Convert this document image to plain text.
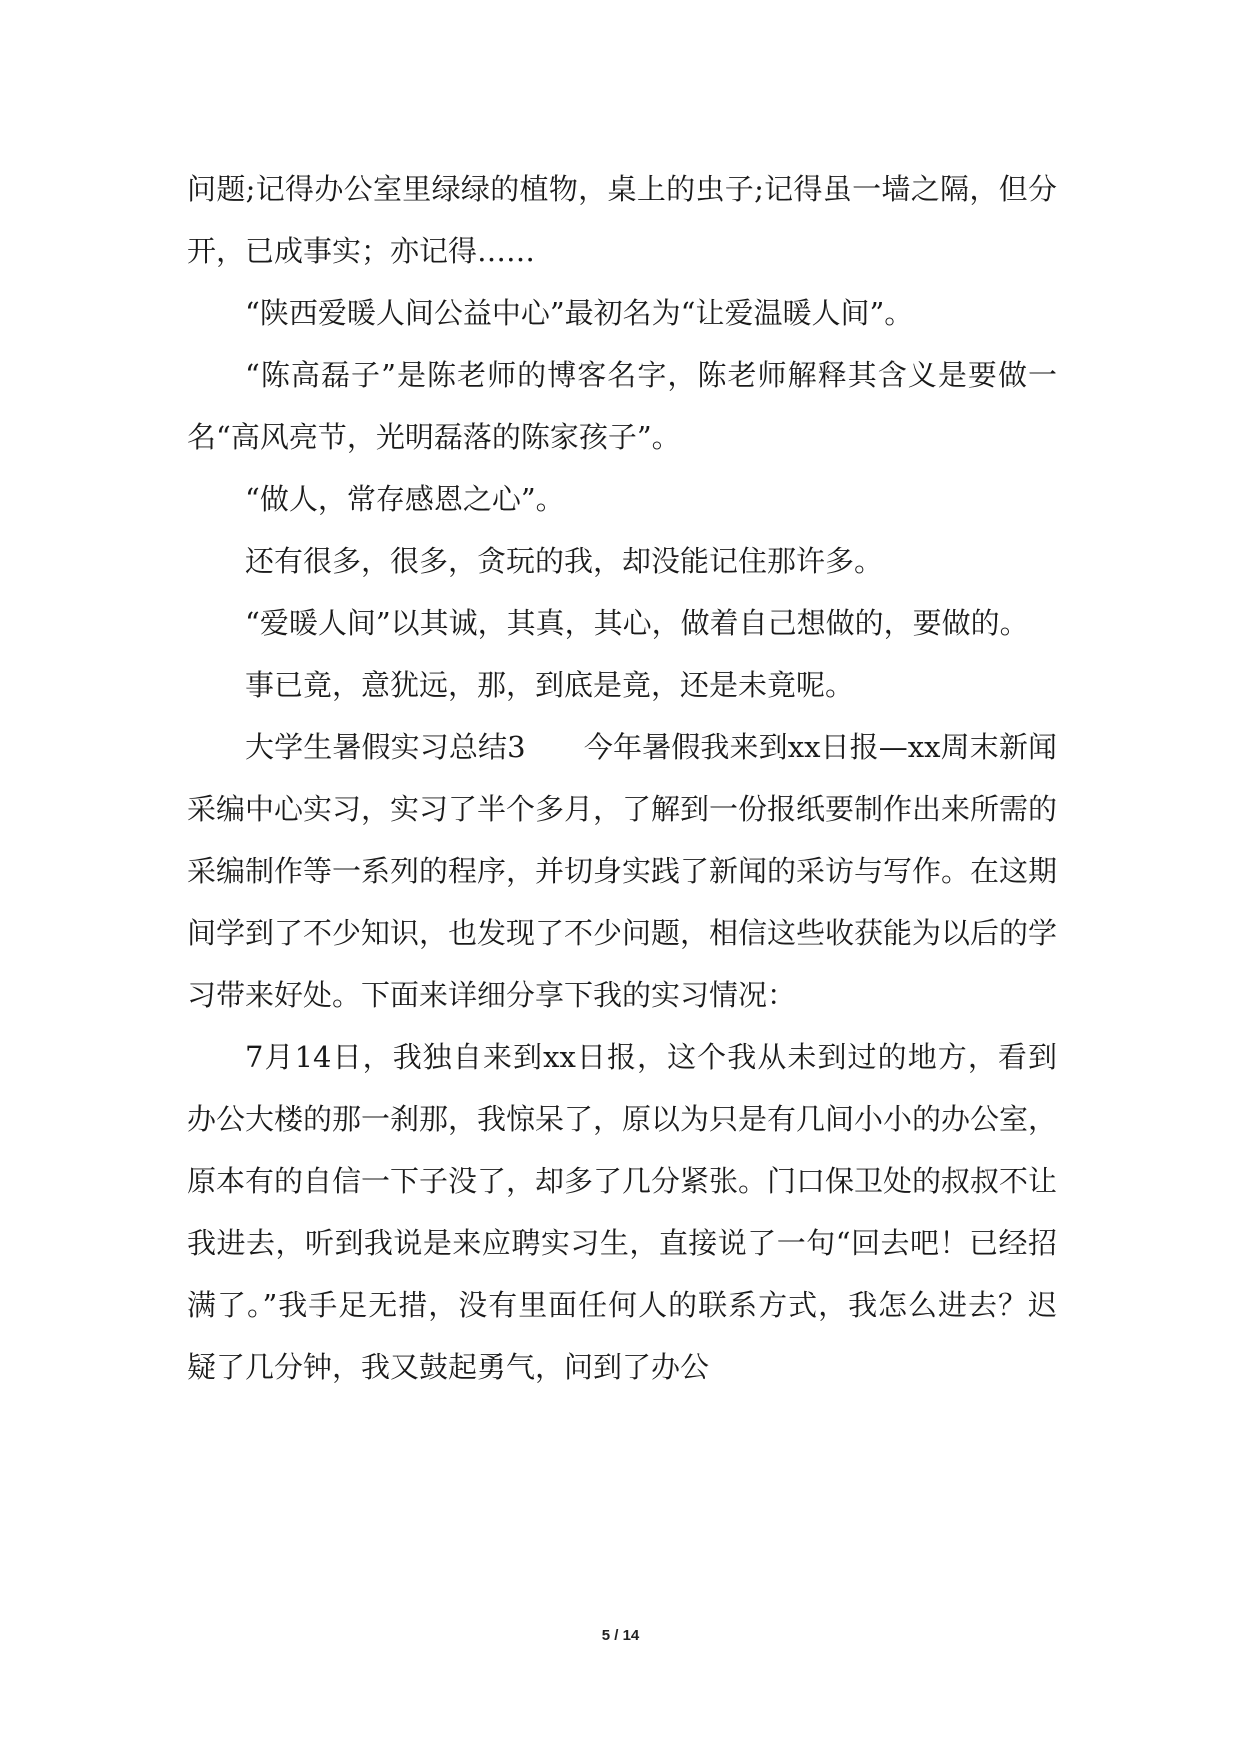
问题;记得办公室里绿绿的植物，桌上的虫子;记得虽一墙之隔，但分开，已成事实；亦记得……

“陕西爱暖人间公益中心”最初名为“让爱温暖人间”。

“陈高磊子”是陈老师的博客名字，陈老师解释其含义是要做一名“高风亮节，光明磊落的陈家孩子”。

“做人，常存感恩之心”。

还有很多，很多，贪玩的我，却没能记住那许多。

“爱暖人间”以其诚，其真，其心，做着自己想做的，要做的。

事已竟，意犹远，那，到底是竟，还是未竟呢。

大学生暑假实习总结3　　今年暑假我来到xx日报—xx周末新闻采编中心实习，实习了半个多月，了解到一份报纸要制作出来所需的采编制作等一系列的程序，并切身实践了新闻的采访与写作。在这期间学到了不少知识，也发现了不少问题，相信这些收获能为以后的学习带来好处。下面来详细分享下我的实习情况：

7月14日，我独自来到xx日报，这个我从未到过的地方，看到办公大楼的那一刹那，我惊呆了，原以为只是有几间小小的办公室，原本有的自信一下子没了，却多了几分紧张。门口保卫处的叔叔不让我进去，听到我说是来应聘实习生，直接说了一句“回去吧！已经招满了。”我手足无措，没有里面任何人的联系方式，我怎么进去？迟疑了几分钟，我又鼓起勇气，问到了办公

5 / 14
